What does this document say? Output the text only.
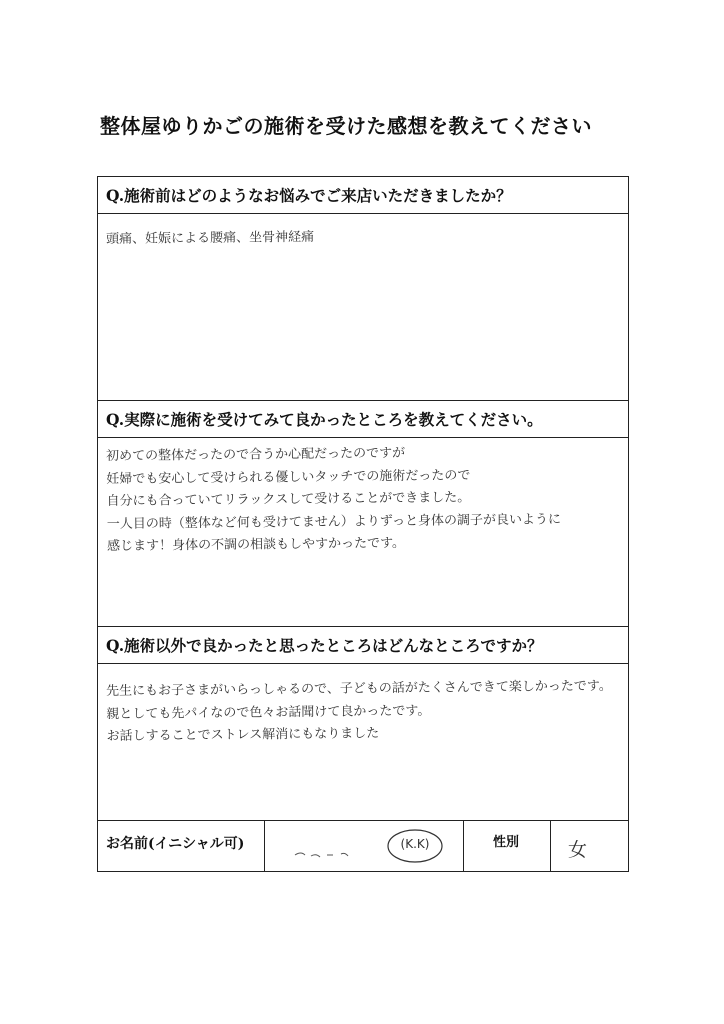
整体屋ゆりかごの施術を受けた感想を教えてください
Q.施術前はどのようなお悩みでご来店いただきましたか？
頭痛、妊娠による腰痛、坐骨神経痛
Q.実際に施術を受けてみて良かったところを教えてください。
初めての整体だったので合うか心配だったのですが
妊婦でも安心して受けられる優しいタッチでの施術だったので
自分にも合っていてリラックスして受けることができました。
一人目の時（整体など何も受けてません）よりずっと身体の調子が良いように
感じます！身体の不調の相談もしやすかったです。
Q.施術以外で良かったと思ったところはどんなところですか？
先生にもお子さまがいらっしゃるので、子どもの話がたくさんできて楽しかったです。
親としても先パイなので色々お話聞けて良かったです。
お話しすることでストレス解消にもなりました
お名前(イニシャル可)	(K.K)	性別	女
